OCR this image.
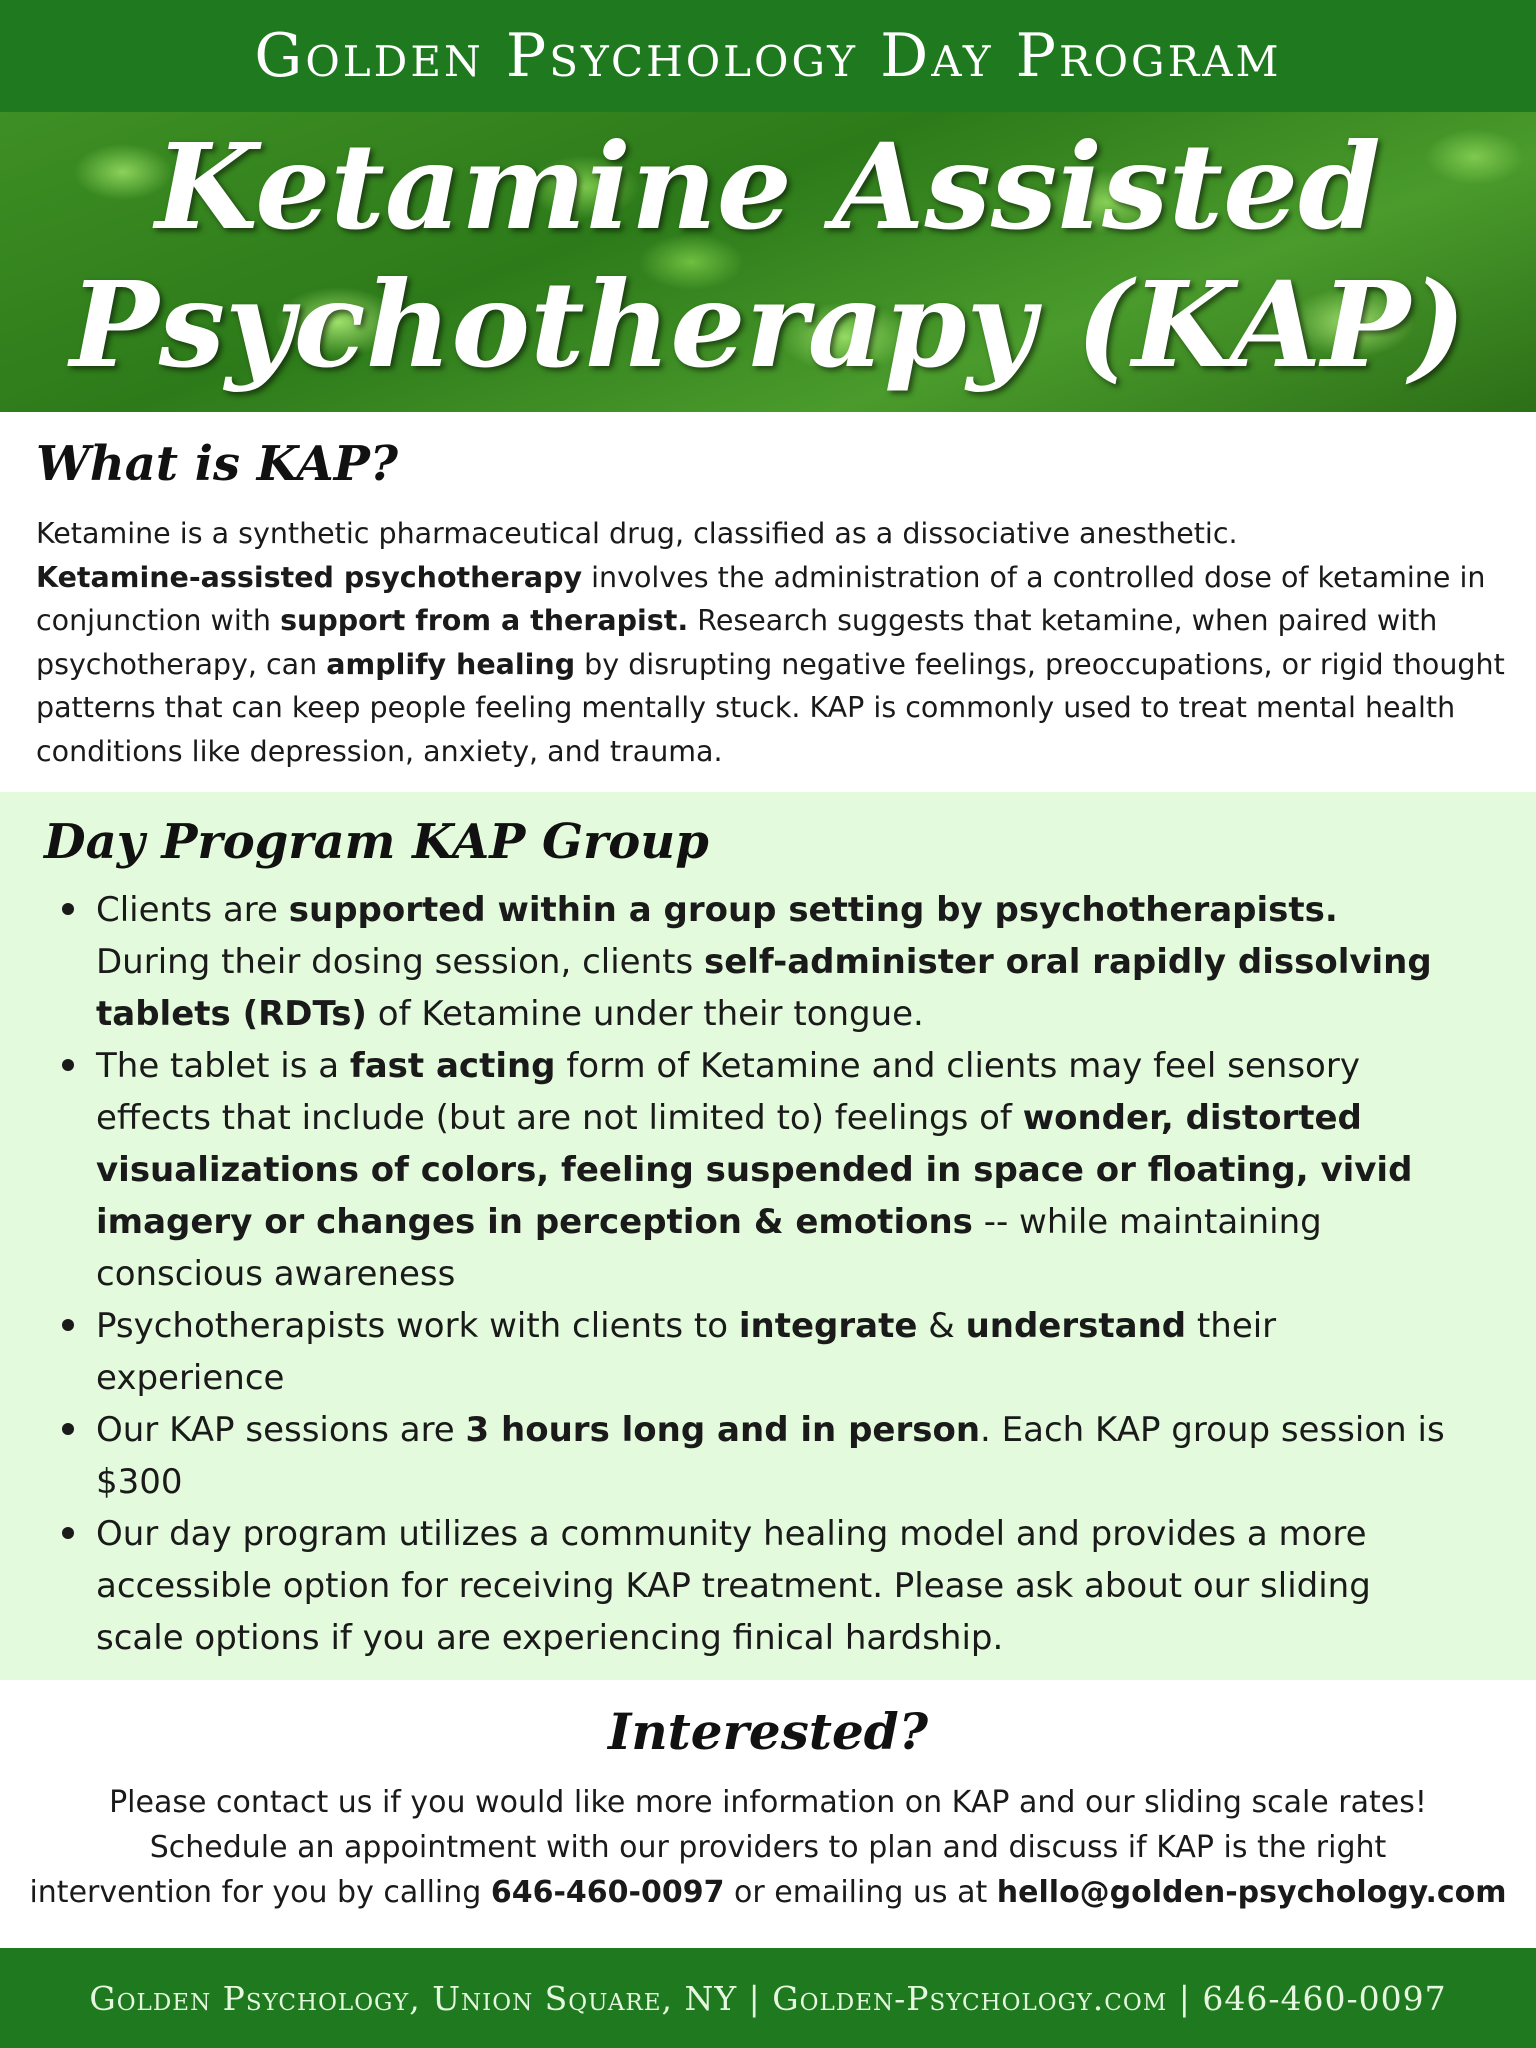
Golden Psychology Day Program
Ketamine Assisted
Psychotherapy (KAP)
What is KAP?

Ketamine is a synthetic pharmaceutical drug, classified as a dissociative anesthetic.
Ketamine-assisted psychotherapy involves the administration of a controlled dose of ketamine in conjunction with support from a therapist. Research suggests that ketamine, when paired with psychotherapy, can amplify healing by disrupting negative feelings, preoccupations, or rigid thought patterns that can keep people feeling mentally stuck. KAP is commonly used to treat mental health conditions like depression, anxiety, and trauma.

Day Program KAP Group
Clients are supported within a group setting by psychotherapists. During their dosing session, clients self-administer oral rapidly dissolving tablets (RDTs) of Ketamine under their tongue.
The tablet is a fast acting form of Ketamine and clients may feel sensory effects that include (but are not limited to) feelings of wonder, distorted visualizations of colors, feeling suspended in space or floating, vivid imagery or changes in perception & emotions -- while maintaining conscious awareness
Psychotherapists work with clients to integrate & understand their experience
Our KAP sessions are 3 hours long and in person. Each KAP group session is $300
Our day program utilizes a community healing model and provides a more accessible option for receiving KAP treatment. Please ask about our sliding scale options if you are experiencing finical hardship.
Interested?

Please contact us if you would like more information on KAP and our sliding scale rates!
Schedule an appointment with our providers to plan and discuss if KAP is the right
intervention for you by calling 646-460-0097 or emailing us at hello@golden-psychology.com

Golden Psychology, Union Square, NY | Golden-Psychology.com | 646-460-0097
